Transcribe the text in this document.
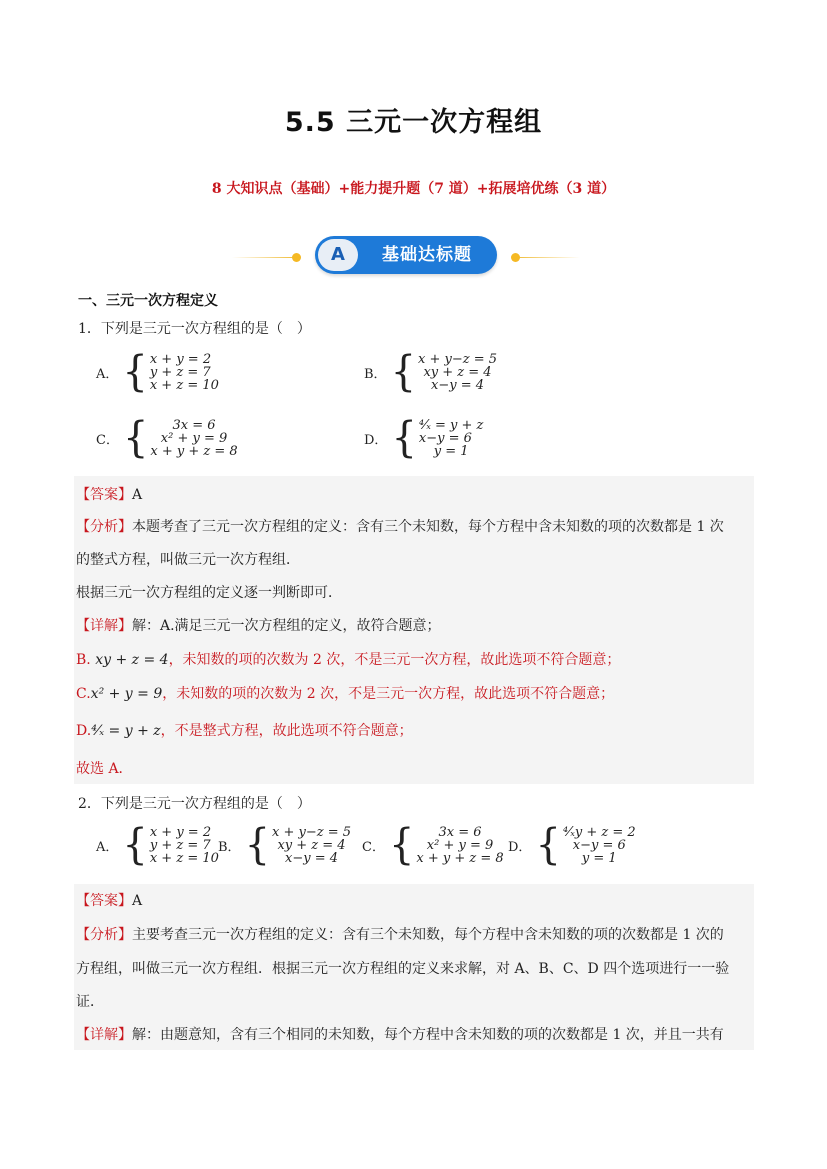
5.5 三元一次方程组
8 大知识点（基础）+能力提升题（7 道）+拓展培优练（3 道）
A	基础达标题
一、三元一次方程定义
1．下列是三元一次方程组的是（　）
A． { x + y = 2
y + z = 7
x + z = 10
B． { x + y−z = 5
xy + z = 4
x−y = 4
C． {	3x = 6
x² + y = 9
x + y + z = 8
D． { ⁴⁄ₓ = y + z
x−y = 6
y = 1
【答案】A
【分析】本题考查了三元一次方程组的定义：含有三个未知数，每个方程中含未知数的项的次数都是 1 次
的整式方程，叫做三元一次方程组．
根据三元一次方程组的定义逐一判断即可．
【详解】解：A.满足三元一次方程组的定义，故符合题意；
B. xy + z = 4，未知数的项的次数为 2 次，不是三元一次方程，故此选项不符合题意；
C.x² + y = 9，未知数的项的次数为 2 次，不是三元一次方程，故此选项不符合题意；
D.⁴⁄ₓ = y + z，不是整式方程，故此选项不符合题意；
故选 A．
2．下列是三元一次方程组的是（　）
A． { x + y = 2
y + z = 7
x + z = 10
B． { x + y−z = 5
xy + z = 4
x−y = 4
C． {	3x = 6
x² + y = 9
x + y + z = 8
D． { ⁴⁄ₓy + z = 2
x−y = 6
y = 1
【答案】A
【分析】主要考查三元一次方程组的定义：含有三个未知数，每个方程中含未知数的项的次数都是 1 次的
方程组，叫做三元一次方程组．根据三元一次方程组的定义来求解，对 A、B、C、D 四个选项进行一一验
证．
【详解】解：由题意知，含有三个相同的未知数，每个方程中含未知数的项的次数都是 1 次，并且一共有
